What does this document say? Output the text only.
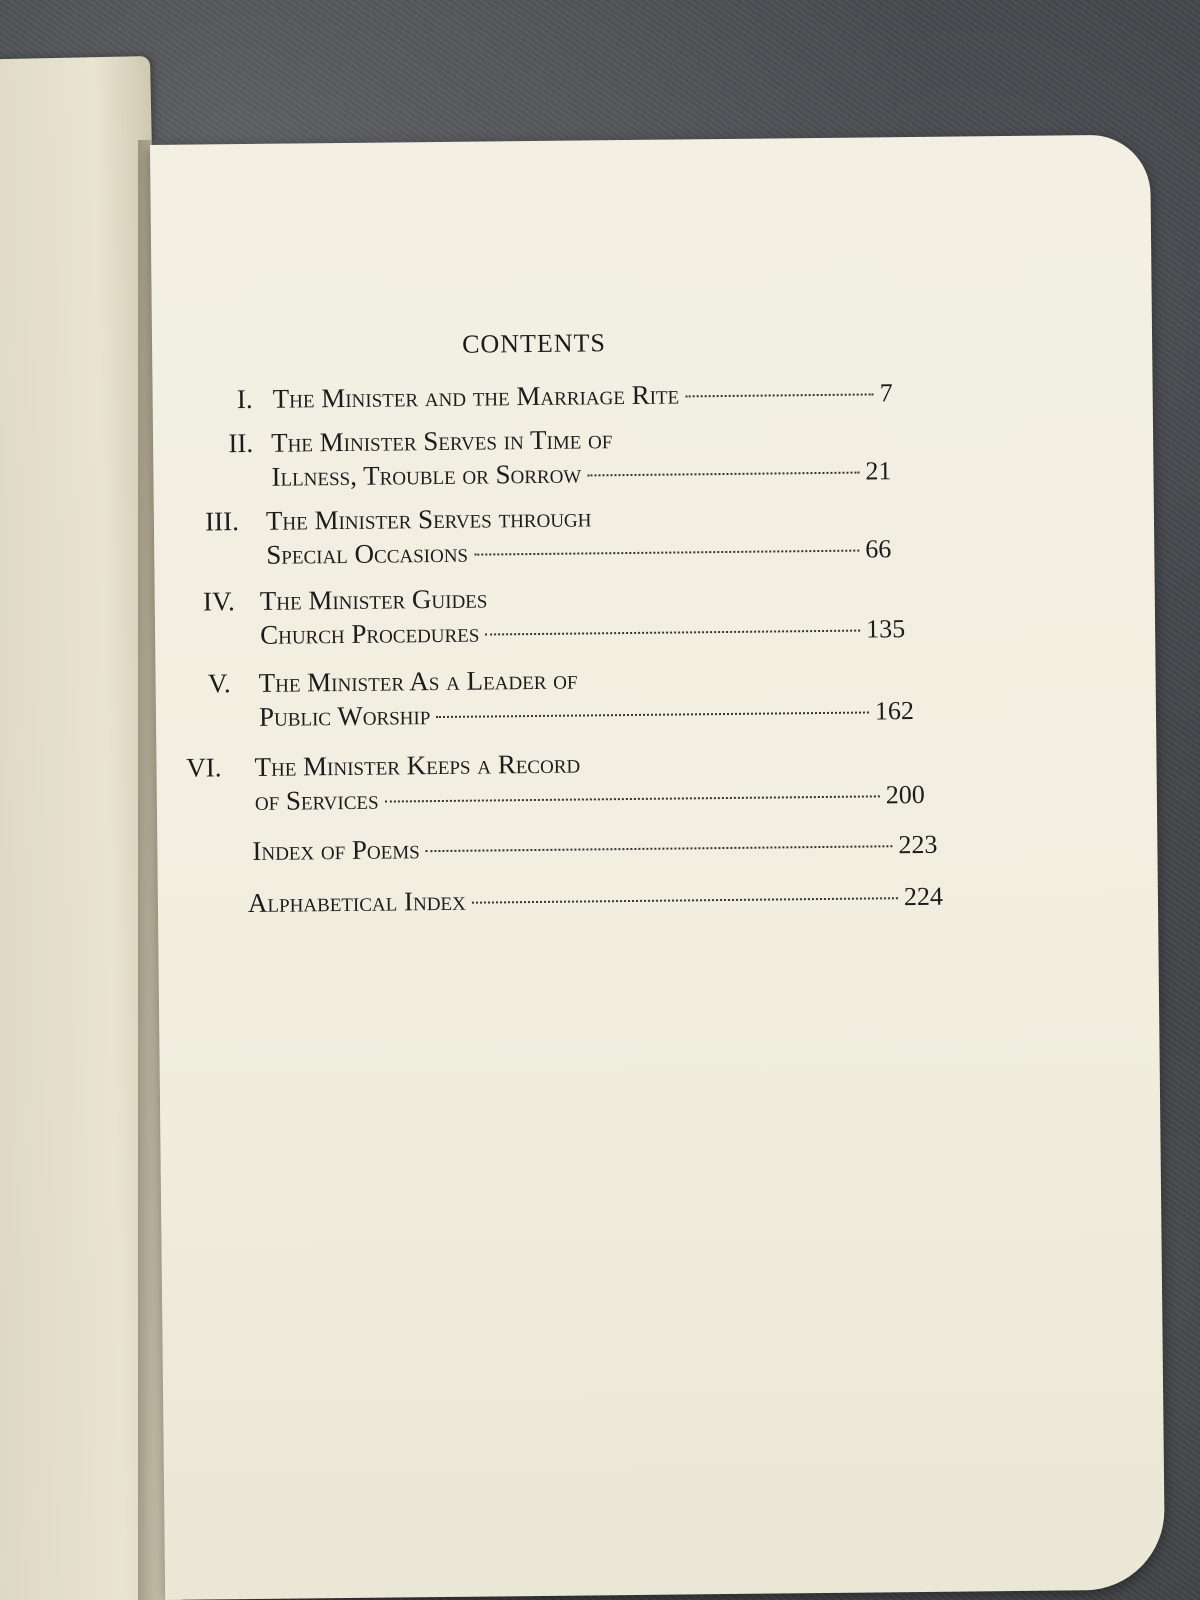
CONTENTS
I. The Minister and the Marriage Rite	7
II. The Minister Serves in Time of
Illness, Trouble or Sorrow	21
III. The Minister Serves through
Special Occasions	66
IV. The Minister Guides
Church Procedures	135
V. The Minister As a Leader of
Public Worship	162
VI. The Minister Keeps a Record
of Services	200
Index of Poems	223
Alphabetical Index	224
